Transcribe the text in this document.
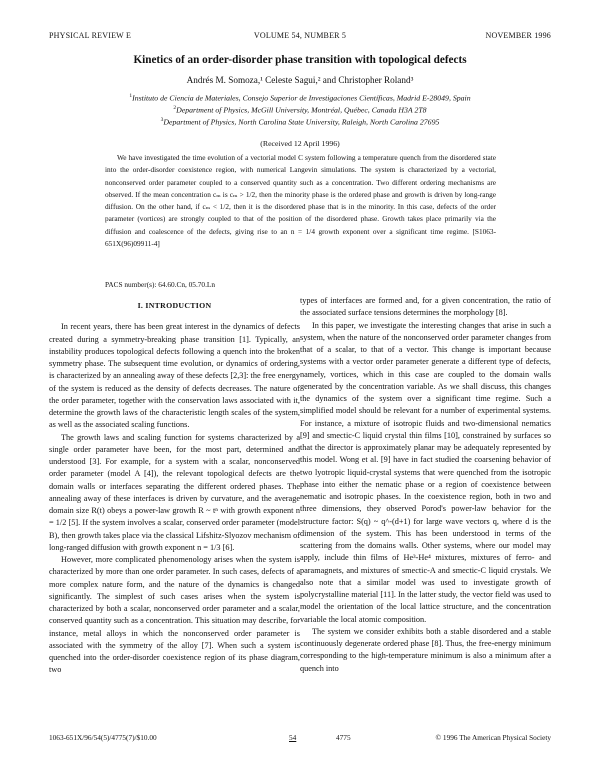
PHYSICAL REVIEW E	VOLUME 54, NUMBER 5	NOVEMBER 1996
Kinetics of an order-disorder phase transition with topological defects
Andrés M. Somoza,¹ Celeste Sagui,² and Christopher Roland³
$^1$Instituto de Ciencia de Materiales, Consejo Superior de Investigaciones Científicas, Madrid E-28049, Spain
$^2$Department of Physics, McGill University, Montréal, Québec, Canada H3A 2T8
$^3$Department of Physics, North Carolina State University, Raleigh, North Carolina 27695
(Received 12 April 1996)

We have investigated the time evolution of a vectorial model C system following a temperature quench from the disordered state into the order-disorder coexistence region, with numerical Langevin simulations. The system is characterized by a vectorial, nonconserved order parameter coupled to a conserved quantity such as a concentration. Two different ordering mechanisms are observed. If the mean concentration cₘ is cₘ > 1/2, then the minority phase is the ordered phase and growth is driven by long-range diffusion. On the other hand, if cₘ < 1/2, then it is the disordered phase that is in the minority. In this case, defects of the order parameter (vortices) are strongly coupled to that of the position of the disordered phase. Growth takes place primarily via the diffusion and coalescence of the defects, giving rise to an n = 1/4 growth exponent over a significant time regime. [S1063-651X(96)09911-4]

PACS number(s): 64.60.Cn, 05.70.Ln
I. INTRODUCTION

In recent years, there has been great interest in the dynamics of defects created during a symmetry-breaking phase transition [1]. Typically, an instability produces topological defects following a quench into the broken symmetry phase. The subsequent time evolution, or dynamics of ordering, is characterized by an annealing away of these defects [2,3]: the free energy of the system is reduced as the density of defects decreases. The nature of the order parameter, together with the conservation laws associated with it, determine the growth laws of the characteristic length scales of the system, as well as the associated scaling functions.

The growth laws and scaling function for systems characterized by a single order parameter have been, for the most part, determined and understood [3]. For example, for a system with a scalar, nonconserved order parameter (model A [4]), the relevant topological defects are the domain walls or interfaces separating the different ordered phases. The annealing away of these interfaces is driven by curvature, and the average domain size R(t) obeys a power-law growth R ~ tⁿ with growth exponent n = 1/2 [5]. If the system involves a scalar, conserved order parameter (model B), then growth takes place via the classical Lifshitz-Slyozov mechanism of long-ranged diffusion with growth exponent n = 1/3 [6].

However, more complicated phenomenology arises when the system is characterized by more than one order parameter. In such cases, defects of a more complex nature form, and the nature of the dynamics is changed significantly. The simplest of such cases arises when the system is characterized by both a scalar, nonconserved order parameter and a scalar, conserved quantity such as a concentration. This situation may describe, for instance, metal alloys in which the nonconserved order parameter is associated with the symmetry of the alloy [7]. When such a system is quenched into the order-disorder coexistence region of its phase diagram, two

types of interfaces are formed and, for a given concentration, the ratio of the associated surface tensions determines the morphology [8].

In this paper, we investigate the interesting changes that arise in such a system, when the nature of the nonconserved order parameter changes from that of a scalar, to that of a vector. This change is important because systems with a vector order parameter generate a different type of defects, namely, vortices, which in this case are coupled to the domain walls generated by the concentration variable. As we shall discuss, this changes the dynamics of the system over a significant time regime. Such a simplified model should be relevant for a number of experimental systems. For instance, a mixture of isotropic fluids and two-dimensional nematics [9] and smectic-C liquid crystal thin films [10], constrained by surfaces so that the director is approximately planar may be adequately represented by this model. Wong et al. [9] have in fact studied the coarsening behavior of two lyotropic liquid-crystal systems that were quenched from the isotropic phase into either the nematic phase or a region of coexistence between nematic and isotropic phases. In the coexistence region, both in two and three dimensions, they observed Porod's power-law behavior for the structure factor: S(q) ~ q^-(d+1) for large wave vectors q, where d is the dimension of the system. This has been understood in terms of the scattering from the domains walls. Other systems, where our model may apply, include thin films of He³-He⁴ mixtures, mixtures of ferro- and paramagnets, and mixtures of smectic-A and smectic-C liquid crystals. We also note that a similar model was used to investigate growth of polycrystalline material [11]. In the latter study, the vector field was used to model the orientation of the local lattice structure, and the concentration variable the local atomic composition.

The system we consider exhibits both a stable disordered and a stable continuously degenerate ordered phase [8]. Thus, the free-energy minimum corresponding to the high-temperature minimum is also a minimum after a quench into

1063-651X/96/54(5)/4775(7)/$10.00	54	4775	© 1996 The American Physical Society
